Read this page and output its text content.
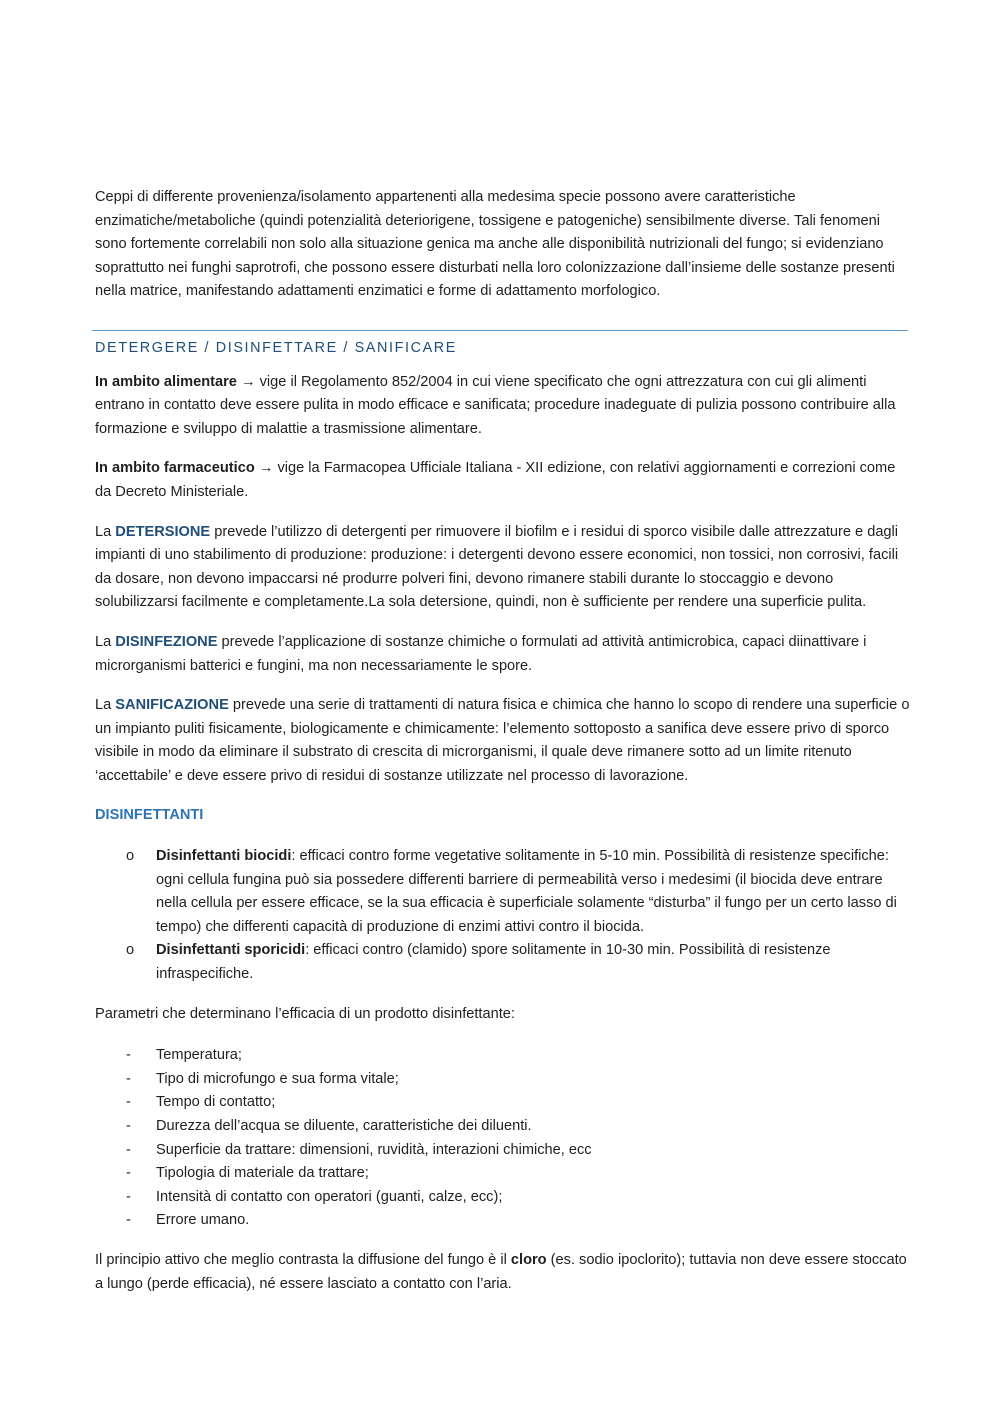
Ceppi di differente provenienza/isolamento appartenenti alla medesima specie possono avere caratteristiche enzimatiche/metaboliche (quindi potenzialità deteriorigene, tossigene e patogeniche) sensibilmente diverse. Tali fenomeni sono fortemente correlabili non solo alla situazione genica ma anche alle disponibilità nutrizionali del fungo; si evidenziano soprattutto nei funghi saprotrofi, che possono essere disturbati nella loro colonizzazione dall’insieme delle sostanze presenti nella matrice, manifestando adattamenti enzimatici e forme di adattamento morfologico.

DETERGERE / DISINFETTARE / SANIFICARE

In ambito alimentare → vige il Regolamento 852/2004 in cui viene specificato che ogni attrezzatura con cui gli alimenti entrano in contatto deve essere pulita in modo efficace e sanificata; procedure inadeguate di pulizia possono contribuire alla formazione e sviluppo di malattie a trasmissione alimentare.

In ambito farmaceutico → vige la Farmacopea Ufficiale Italiana - XII edizione, con relativi aggiornamenti e correzioni come da Decreto Ministeriale.

La DETERSIONE prevede l’utilizzo di detergenti per rimuovere il biofilm e i residui di sporco visibile dalle attrezzature e dagli impianti di uno stabilimento di produzione: produzione: i detergenti devono essere economici, non tossici, non corrosivi, facili da dosare, non devono impaccarsi né produrre polveri fini, devono rimanere stabili durante lo stoccaggio e devono solubilizzarsi facilmente e completamente.La sola detersione, quindi, non è sufficiente per rendere una superficie pulita.

La DISINFEZIONE prevede l’applicazione di sostanze chimiche o formulati ad attività antimicrobica, capaci diinattivare i microrganismi batterici e fungini, ma non necessariamente le spore.

La SANIFICAZIONE prevede una serie di trattamenti di natura fisica e chimica che hanno lo scopo di rendere una superficie o un impianto puliti fisicamente, biologicamente e chimicamente: l’elemento sottoposto a sanifica deve essere privo di sporco visibile in modo da eliminare il substrato di crescita di microrganismi, il quale deve rimanere sotto ad un limite ritenuto ‘accettabile’ e deve essere privo di residui di sostanze utilizzate nel processo di lavorazione.

DISINFETTANTI
o Disinfettanti biocidi: efficaci contro forme vegetative solitamente in 5-10 min. Possibilità di resistenze specifiche: ogni cellula fungina può sia possedere differenti barriere di permeabilità verso i medesimi (il biocida deve entrare nella cellula per essere efficace, se la sua efficacia è superficiale solamente “disturba” il fungo per un certo lasso di tempo) che differenti capacità di produzione di enzimi attivi contro il biocida.
o Disinfettanti sporicidi: efficaci contro (clamido) spore solitamente in 10-30 min. Possibilità di resistenze infraspecifiche.

Parametri che determinano l’efficacia di un prodotto disinfettante:

- Temperatura;
- Tipo di microfungo e sua forma vitale;
- Tempo di contatto;
- Durezza dell’acqua se diluente, caratteristiche dei diluenti.
- Superficie da trattare: dimensioni, ruvidità, interazioni chimiche, ecc
- Tipologia di materiale da trattare;
- Intensità di contatto con operatori (guanti, calze, ecc);
- Errore umano.

Il principio attivo che meglio contrasta la diffusione del fungo è il cloro (es. sodio ipoclorito); tuttavia non deve essere stoccato a lungo (perde efficacia), né essere lasciato a contatto con l’aria.
